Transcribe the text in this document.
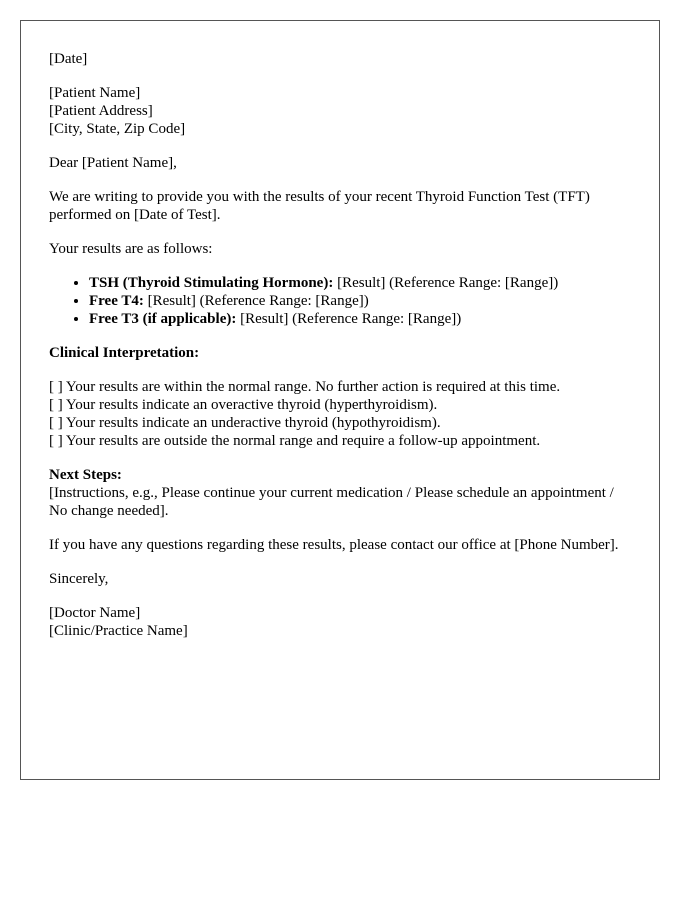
[Date]

[Patient Name]
[Patient Address]
[City, State, Zip Code]

Dear [Patient Name],

We are writing to provide you with the results of your recent Thyroid Function Test (TFT) performed on [Date of Test].

Your results are as follows:

• TSH (Thyroid Stimulating Hormone): [Result] (Reference Range: [Range])
• Free T4: [Result] (Reference Range: [Range])
• Free T3 (if applicable): [Result] (Reference Range: [Range])
Clinical Interpretation:
[ ] Your results are within the normal range. No further action is required at this time.
[ ] Your results indicate an overactive thyroid (hyperthyroidism).
[ ] Your results indicate an underactive thyroid (hypothyroidism).
[ ] Your results are outside the normal range and require a follow-up appointment.
Next Steps:
[Instructions, e.g., Please continue your current medication / Please schedule an appointment / No change needed].

If you have any questions regarding these results, please contact our office at [Phone Number].

Sincerely,

[Doctor Name]
[Clinic/Practice Name]
